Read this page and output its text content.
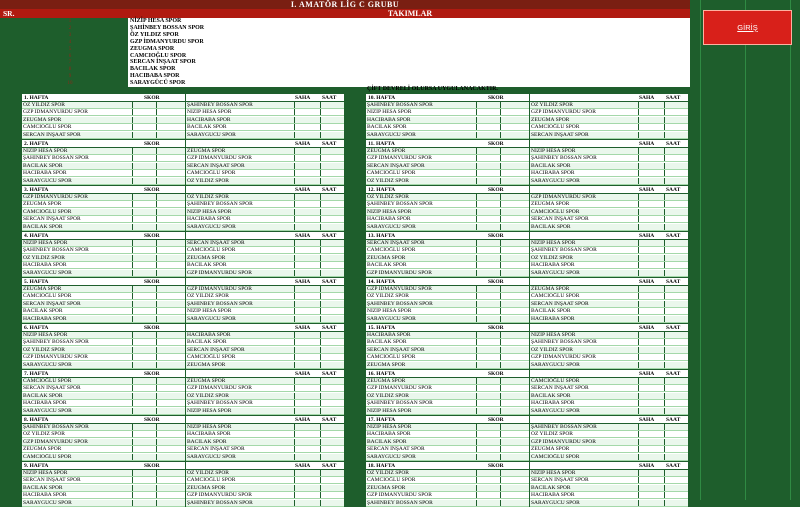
I. AMATÖR LİG C GRUBU
SR.	TAKIMLAR
1	NİZİP HESA SPOR
2	ŞAHİNBEY BOSSAN SPOR
3	ÖZ YILDIZ SPOR
4	GZP İDMANYURDU SPOR
5	ZEUGMA SPOR
6	CAMCIOĞLU SPOR
7	SERCAN İNŞAAT SPOR
8	BACILAK SPOR
9	HACIBABA SPOR
10	SARAYGÜCÜ SPOR
GİRİŞ
ÇİFT DEVRELİ OLURSA UYGULANACAKTIR.
1. HAFTA	SKOR	SAHA SAAT
ÖZ YILDIZ SPOR	ŞAHİNBEY BOSSAN SPOR
GZP İDMANYURDU SPOR	NİZİP HESA SPOR
ZEUGMA SPOR	HACIBABA SPOR
CAMCIOĞLU SPOR	BACILAK SPOR
SERCAN İNŞAAT SPOR	SARAYGÜCÜ SPOR
2. HAFTA	SKOR	SAHA SAAT
NİZİP HESA SPOR	ZEUGMA SPOR
ŞAHİNBEY BOSSAN SPOR	GZP İDMANYURDU SPOR
BACILAK SPOR	SERCAN İNŞAAT SPOR
HACIBABA SPOR	CAMCIOĞLU SPOR
SARAYGÜCÜ SPOR	ÖZ YILDIZ SPOR
3. HAFTA	SKOR	SAHA SAAT
GZP İDMANYURDU SPOR	ÖZ YILDIZ SPOR
ZEUGMA SPOR	ŞAHİNBEY BOSSAN SPOR
CAMCIOĞLU SPOR	NİZİP HESA SPOR
SERCAN İNŞAAT SPOR	HACIBABA SPOR
BACILAK SPOR	SARAYGÜCÜ SPOR
4. HAFTA	SKOR	SAHA SAAT
NİZİP HESA SPOR	SERCAN İNŞAAT SPOR
ŞAHİNBEY BOSSAN SPOR	CAMCIOĞLU SPOR
ÖZ YILDIZ SPOR	ZEUGMA SPOR
HACIBABA SPOR	BACILAK SPOR
SARAYGÜCÜ SPOR	GZP İDMANYURDU SPOR
5. HAFTA	SKOR	SAHA SAAT
ZEUGMA SPOR	GZP İDMANYURDU SPOR
CAMCIOĞLU SPOR	ÖZ YILDIZ SPOR
SERCAN İNŞAAT SPOR	ŞAHİNBEY BOSSAN SPOR
BACILAK SPOR	NİZİP HESA SPOR
HACIBABA SPOR	SARAYGÜCÜ SPOR
6. HAFTA	SKOR	SAHA SAAT
NİZİP HESA SPOR	HACIBABA SPOR
ŞAHİNBEY BOSSAN SPOR	BACILAK SPOR
ÖZ YILDIZ SPOR	SERCAN İNŞAAT SPOR
GZP İDMANYURDU SPOR	CAMCIOĞLU SPOR
SARAYGÜCÜ SPOR	ZEUGMA SPOR
7. HAFTA	SKOR	SAHA SAAT
CAMCIOĞLU SPOR	ZEUGMA SPOR
SERCAN İNŞAAT SPOR	GZP İDMANYURDU SPOR
BACILAK SPOR	ÖZ YILDIZ SPOR
HACIBABA SPOR	ŞAHİNBEY BOSSAN SPOR
SARAYGÜCÜ SPOR	NİZİP HESA SPOR
8. HAFTA	SKOR	SAHA SAAT
ŞAHİNBEY BOSSAN SPOR	NİZİP HESA SPOR
ÖZ YILDIZ SPOR	HACIBABA SPOR
GZP İDMANYURDU SPOR	BACILAK SPOR
ZEUGMA SPOR	SERCAN İNŞAAT SPOR
CAMCIOĞLU SPOR	SARAYGÜCÜ SPOR
9. HAFTA	SKOR	SAHA SAAT
NİZİP HESA SPOR	ÖZ YILDIZ SPOR
SERCAN İNŞAAT SPOR	CAMCIOĞLU SPOR
BACILAK SPOR	ZEUGMA SPOR
HACIBABA SPOR	GZP İDMANYURDU SPOR
SARAYGÜCÜ SPOR	ŞAHİNBEY BOSSAN SPOR
10. HAFTA	SKOR	SAHA SAAT
ŞAHİNBEY BOSSAN SPOR	ÖZ YILDIZ SPOR
NİZİP HESA SPOR	GZP İDMANYURDU SPOR
HACIBABA SPOR	ZEUGMA SPOR
BACILAK SPOR	CAMCIOĞLU SPOR
SARAYGÜCÜ SPOR	SERCAN İNŞAAT SPOR
11. HAFTA	SKOR	SAHA SAAT
ZEUGMA SPOR	NİZİP HESA SPOR
GZP İDMANYURDU SPOR	ŞAHİNBEY BOSSAN SPOR
SERCAN İNŞAAT SPOR	BACILAK SPOR
CAMCIOĞLU SPOR	HACIBABA SPOR
ÖZ YILDIZ SPOR	SARAYGÜCÜ SPOR
12. HAFTA	SKOR	SAHA SAAT
ÖZ YILDIZ SPOR	GZP İDMANYURDU SPOR
ŞAHİNBEY BOSSAN SPOR	ZEUGMA SPOR
NİZİP HESA SPOR	CAMCIOĞLU SPOR
HACIBABA SPOR	SERCAN İNŞAAT SPOR
SARAYGÜCÜ SPOR	BACILAK SPOR
13. HAFTA	SKOR	SAHA SAAT
SERCAN İNŞAAT SPOR	NİZİP HESA SPOR
CAMCIOĞLU SPOR	ŞAHİNBEY BOSSAN SPOR
ZEUGMA SPOR	ÖZ YILDIZ SPOR
BACILAK SPOR	HACIBABA SPOR
GZP İDMANYURDU SPOR	SARAYGÜCÜ SPOR
14. HAFTA	SKOR	SAHA SAAT
GZP İDMANYURDU SPOR	ZEUGMA SPOR
ÖZ YILDIZ SPOR	CAMCIOĞLU SPOR
ŞAHİNBEY BOSSAN SPOR	SERCAN İNŞAAT SPOR
NİZİP HESA SPOR	BACILAK SPOR
SARAYGÜCÜ SPOR	HACIBABA SPOR
15. HAFTA	SKOR	SAHA SAAT
HACIBABA SPOR	NİZİP HESA SPOR
BACILAK SPOR	ŞAHİNBEY BOSSAN SPOR
SERCAN İNŞAAT SPOR	ÖZ YILDIZ SPOR
CAMCIOĞLU SPOR	GZP İDMANYURDU SPOR
ZEUGMA SPOR	SARAYGÜCÜ SPOR
16. HAFTA	SKOR	SAHA SAAT
ZEUGMA SPOR	CAMCIOĞLU SPOR
GZP İDMANYURDU SPOR	SERCAN İNŞAAT SPOR
ÖZ YILDIZ SPOR	BACILAK SPOR
ŞAHİNBEY BOSSAN SPOR	HACIBABA SPOR
NİZİP HESA SPOR	SARAYGÜCÜ SPOR
17. HAFTA	SKOR	SAHA SAAT
NİZİP HESA SPOR	ŞAHİNBEY BOSSAN SPOR
HACIBABA SPOR	ÖZ YILDIZ SPOR
BACILAK SPOR	GZP İDMANYURDU SPOR
SERCAN İNŞAAT SPOR	ZEUGMA SPOR
SARAYGÜCÜ SPOR	CAMCIOĞLU SPOR
18. HAFTA	SKOR	SAHA SAAT
ÖZ YILDIZ SPOR	NİZİP HESA SPOR
CAMCIOĞLU SPOR	SERCAN İNŞAAT SPOR
ZEUGMA SPOR	BACILAK SPOR
GZP İDMANYURDU SPOR	HACIBABA SPOR
ŞAHİNBEY BOSSAN SPOR	SARAYGÜCÜ SPOR
